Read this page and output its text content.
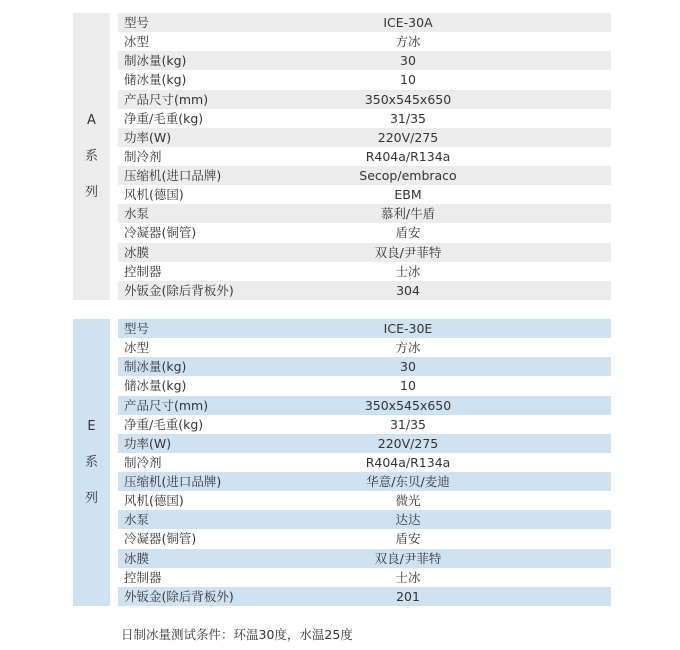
A
系
列
型号	ICE-30A
冰型	方冰
制冰量(kg)	30
储冰量(kg)	10
产品尺寸(mm)	350x545x650
净重/毛重(kg)	31/35
功率(W)	220V/275
制冷剂	R404a/R134a
压缩机(进口品牌)	Secop/embraco
风机(德国)	EBM
水泵	慕利/牛盾
冷凝器(铜管)	盾安
冰膜	双良/尹菲特
控制器	士冰
外钣金(除后背板外)	304
E
系
列
型号	ICE-30E
冰型	方冰
制冰量(kg)	30
储冰量(kg)	10
产品尺寸(mm)	350x545x650
净重/毛重(kg)	31/35
功率(W)	220V/275
制冷剂	R404a/R134a
压缩机(进口品牌)	华意/东贝/麦迪
风机(德国)	微光
水泵	达达
冷凝器(铜管)	盾安
冰膜	双良/尹菲特
控制器	士冰
外钣金(除后背板外)	201
日制冰量测试条件：环温30度，水温25度
